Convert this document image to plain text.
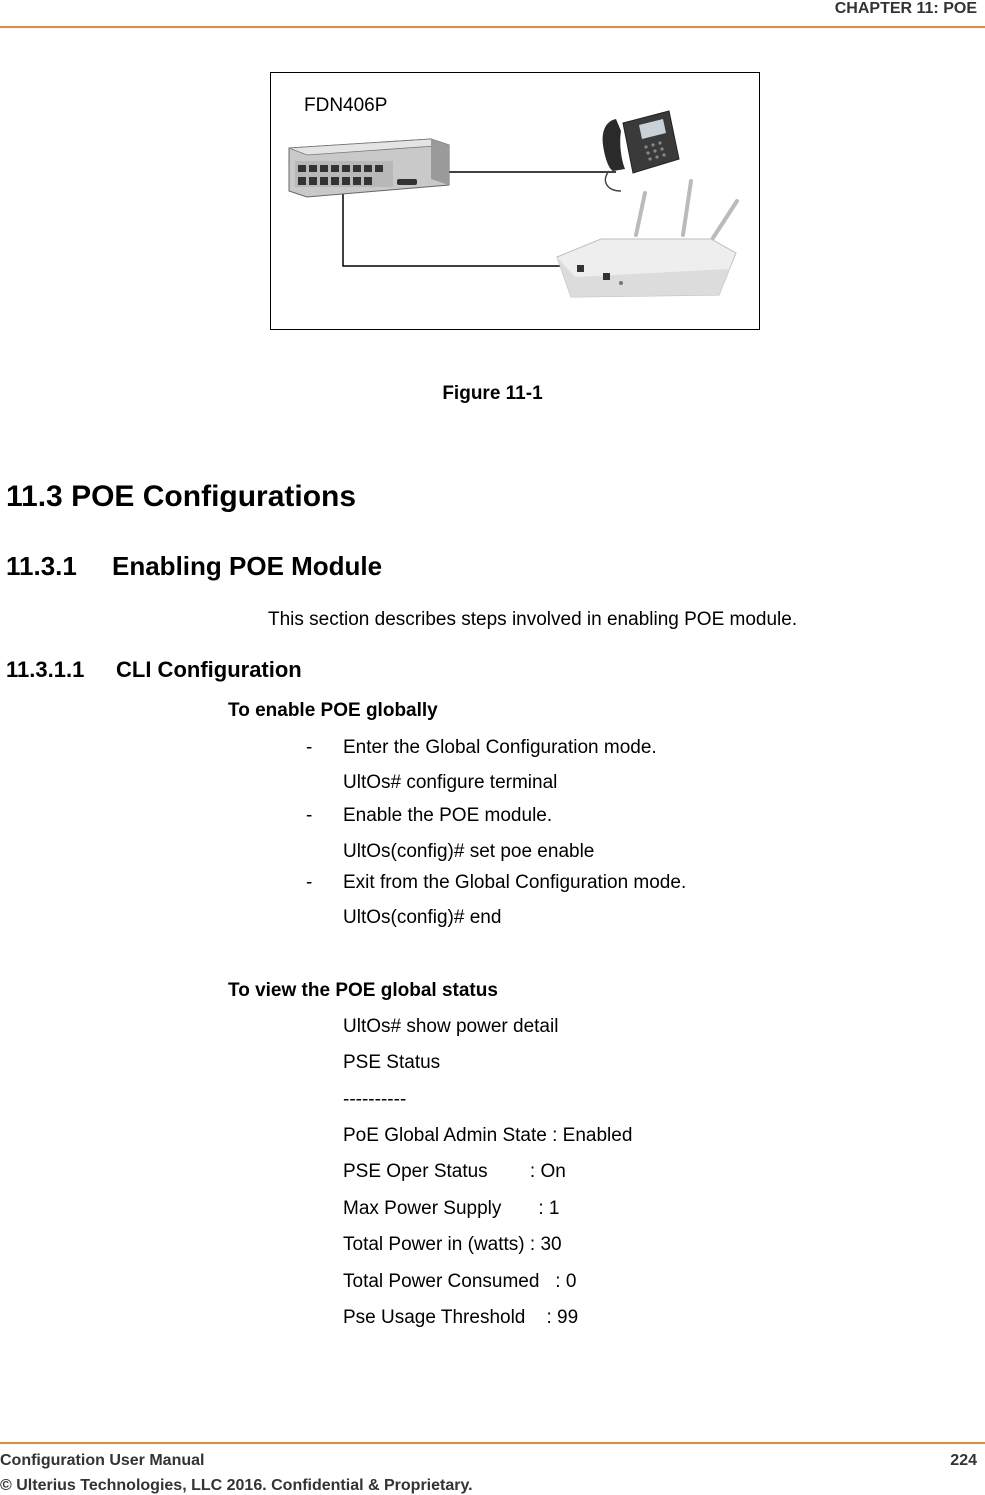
CHAPTER 11: POE
FDN406P
Figure 11-1
11.3 POE Configurations
11.3.1 Enabling POE Module
This section describes steps involved in enabling POE module.
11.3.1.1 CLI Configuration
To enable POE globally
- Enter the Global Configuration mode.
UltOs# configure terminal
- Enable the POE module.
UltOs(config)# set poe enable
- Exit from the Global Configuration mode.
UltOs(config)# end
To view the POE global status
UltOs# show power detail
PSE Status
----------
PoE Global Admin State : Enabled
PSE Oper Status        : On
Max Power Supply       : 1
Total Power in (watts) : 30
Total Power Consumed   : 0
Pse Usage Threshold    : 99
Configuration User Manual	224
© Ulterius Technologies, LLC 2016. Confidential & Proprietary.
